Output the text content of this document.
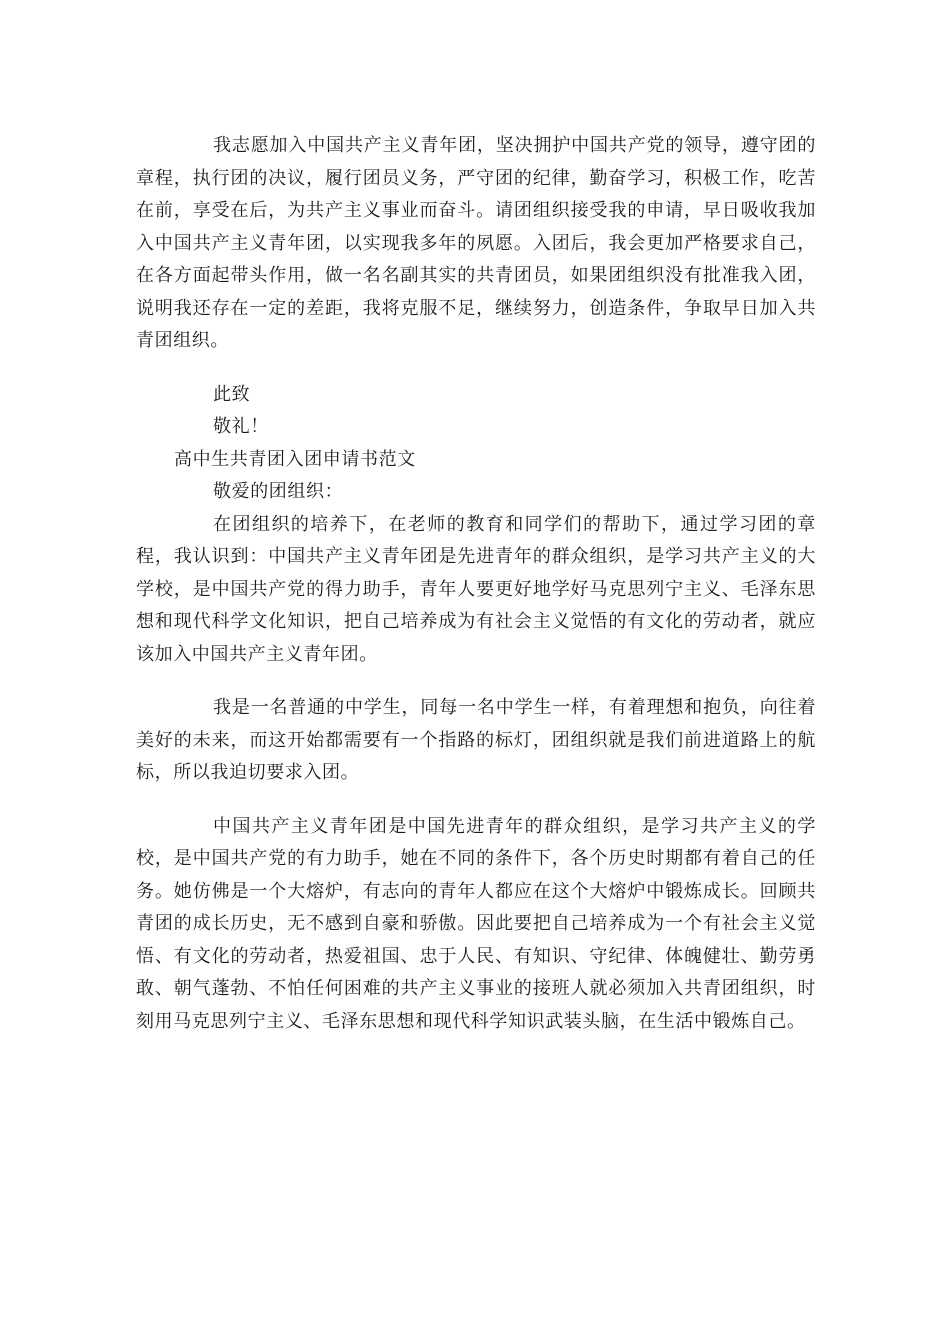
我志愿加入中国共产主义青年团，坚决拥护中国共产党的领导，遵守团的章程，执行团的决议，履行团员义务，严守团的纪律，勤奋学习，积极工作，吃苦在前，享受在后，为共产主义事业而奋斗。请团组织接受我的申请，早日吸收我加入中国共产主义青年团，以实现我多年的夙愿。入团后，我会更加严格要求自己，在各方面起带头作用，做一名名副其实的共青团员，如果团组织没有批准我入团，说明我还存在一定的差距，我将克服不足，继续努力，创造条件，争取早日加入共青团组织。

此致

敬礼！

高中生共青团入团申请书范文

敬爱的团组织：

在团组织的培养下，在老师的教育和同学们的帮助下，通过学习团的章程，我认识到：中国共产主义青年团是先进青年的群众组织，是学习共产主义的大学校，是中国共产党的得力助手，青年人要更好地学好马克思列宁主义、毛泽东思想和现代科学文化知识，把自己培养成为有社会主义觉悟的有文化的劳动者，就应该加入中国共产主义青年团。

我是一名普通的中学生，同每一名中学生一样，有着理想和抱负，向往着美好的未来，而这开始都需要有一个指路的标灯，团组织就是我们前进道路上的航标，所以我迫切要求入团。

中国共产主义青年团是中国先进青年的群众组织，是学习共产主义的学校，是中国共产党的有力助手，她在不同的条件下，各个历史时期都有着自己的任务。她仿佛是一个大熔炉，有志向的青年人都应在这个大熔炉中锻炼成长。回顾共青团的成长历史，无不感到自豪和骄傲。因此要把自己培养成为一个有社会主义觉悟、有文化的劳动者，热爱祖国、忠于人民、有知识、守纪律、体魄健壮、勤劳勇敢、朝气蓬勃、不怕任何困难的共产主义事业的接班人就必须加入共青团组织，时刻用马克思列宁主义、毛泽东思想和现代科学知识武装头脑，在生活中锻炼自己。
